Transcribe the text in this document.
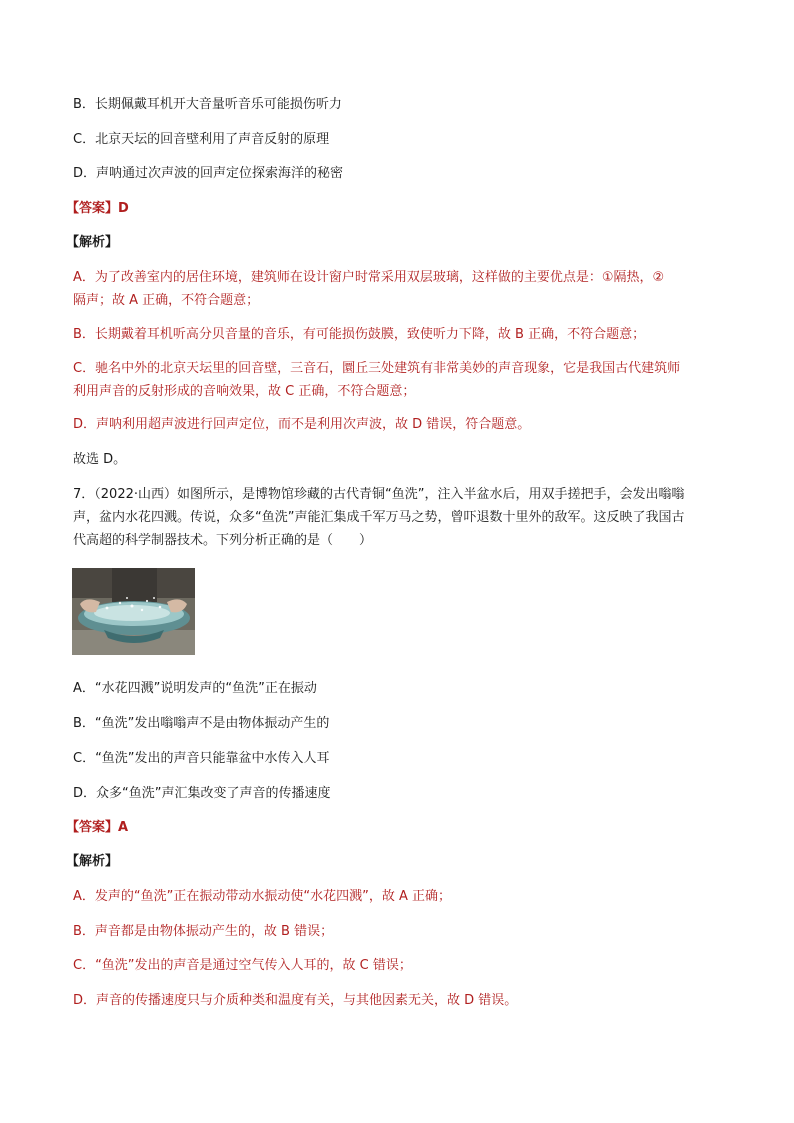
B．长期佩戴耳机开大音量听音乐可能损伤听力
C．北京天坛的回音壁利用了声音反射的原理
D．声呐通过次声波的回声定位探索海洋的秘密
【答案】D
【解析】
A．为了改善室内的居住环境，建筑师在设计窗户时常采用双层玻璃，这样做的主要优点是：①隔热，②
隔声；故 A 正确，不符合题意；
B．长期戴着耳机听高分贝音量的音乐，有可能损伤鼓膜，致使听力下降，故 B 正确，不符合题意；
C．驰名中外的北京天坛里的回音壁，三音石，圜丘三处建筑有非常美妙的声音现象，它是我国古代建筑师
利用声音的反射形成的音响效果，故 C 正确，不符合题意；
D．声呐利用超声波进行回声定位，而不是利用次声波，故 D 错误，符合题意。
故选 D。
7．（2022·山西）如图所示，是博物馆珍藏的古代青铜“鱼洗”，注入半盆水后，用双手搓把手，会发出嗡嗡
声，盆内水花四溅。传说，众多“鱼洗”声能汇集成千军万马之势，曾吓退数十里外的敌军。这反映了我国古
代高超的科学制器技术。下列分析正确的是（　　）
A．“水花四溅”说明发声的“鱼洗”正在振动
B．“鱼洗”发出嗡嗡声不是由物体振动产生的
C．“鱼洗”发出的声音只能靠盆中水传入人耳
D．众多“鱼洗”声汇集改变了声音的传播速度
【答案】A
【解析】
A．发声的“鱼洗”正在振动带动水振动使“水花四溅”，故 A 正确；
B．声音都是由物体振动产生的，故 B 错误；
C．“鱼洗”发出的声音是通过空气传入人耳的，故 C 错误；
D．声音的传播速度只与介质种类和温度有关，与其他因素无关，故 D 错误。
